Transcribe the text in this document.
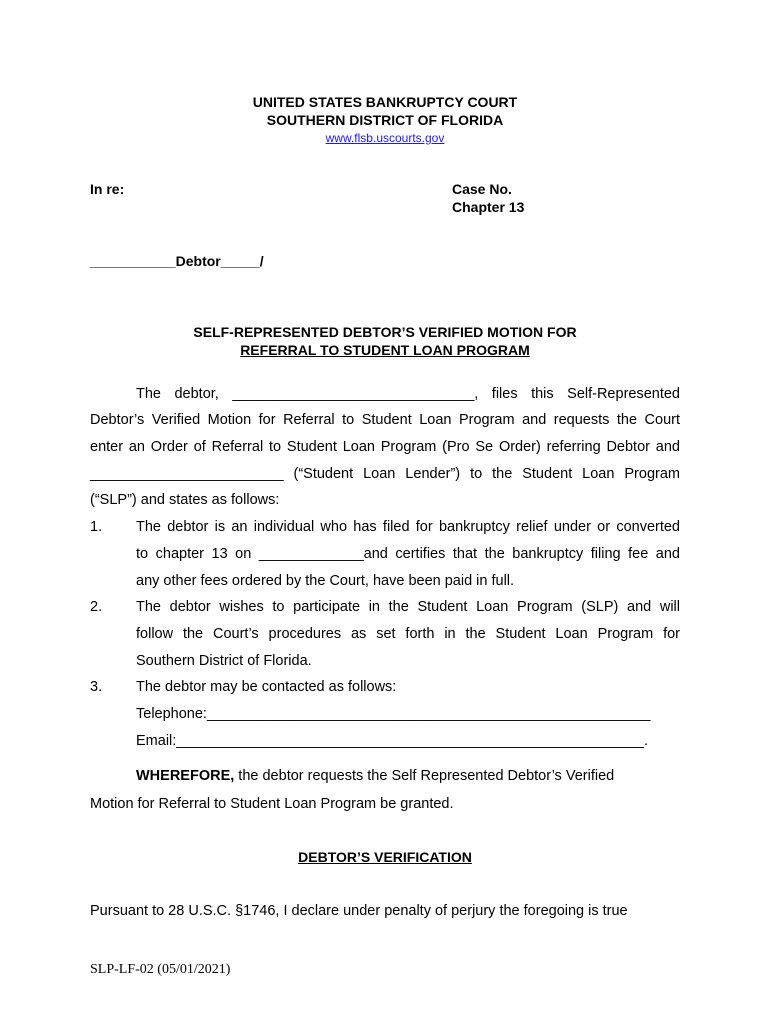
UNITED STATES BANKRUPTCY COURT
SOUTHERN DISTRICT OF FLORIDA
www.flsb.uscourts.gov
In re:	Case No.
Chapter 13
___________Debtor_____/
SELF-REPRESENTED DEBTOR’S VERIFIED MOTION FOR
REFERRAL TO STUDENT LOAN PROGRAM
The debtor, ______________________________, files this Self-Represented
Debtor’s Verified Motion for Referral to Student Loan Program and requests the Court
enter an Order of Referral to Student Loan Program (Pro Se Order) referring Debtor and
________________________ (“Student Loan Lender”) to the Student Loan Program
(“SLP”) and states as follows:
1. The debtor is an individual who has filed for bankruptcy relief under or converted
to chapter 13 on _____________and certifies that the bankruptcy filing fee and
any other fees ordered by the Court, have been paid in full.
2. The debtor wishes to participate in the Student Loan Program (SLP) and will
follow the Court’s procedures as set forth in the Student Loan Program for
Southern District of Florida.
3. The debtor may be contacted as follows:
Telephone:_______________________________________________________
Email:__________________________________________________________.
WHEREFORE, the debtor requests the Self Represented Debtor’s Verified
Motion for Referral to Student Loan Program be granted.
DEBTOR’S VERIFICATION
Pursuant to 28 U.S.C. §1746, I declare under penalty of perjury the foregoing is true
SLP-LF-02 (05/01/2021)
